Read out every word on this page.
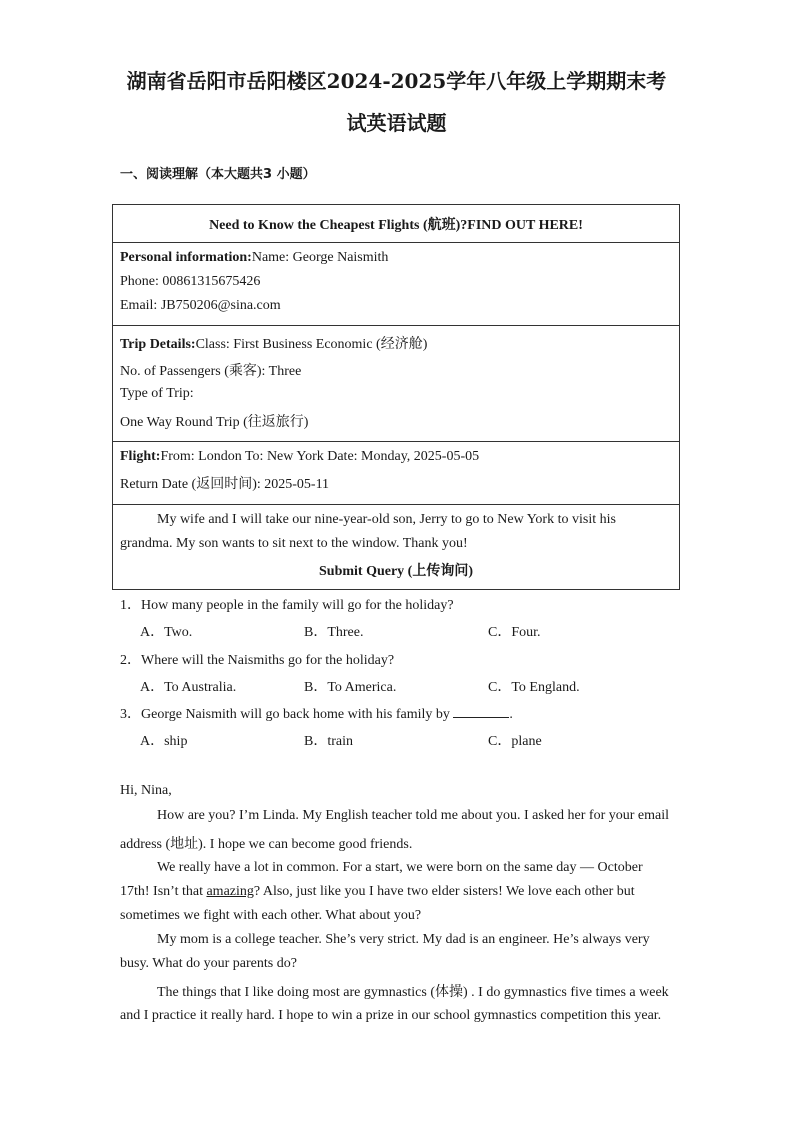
湖南省岳阳市岳阳楼区2024-2025学年八年级上学期期末考
试英语试题
一、阅读理解（本大题共3 小题）
Need to Know the Cheapest Flights (航班)?FIND OUT HERE!
Personal information:Name: George Naismith
Phone: 00861315675426
Email: JB750206@sina.com
Trip Details:Class: First Business Economic (经济舱)
No. of Passengers (乘客): Three
Type of Trip:
One Way Round Trip (往返旅行)
Flight:From: London To: New York Date: Monday, 2025-05-05
Return Date (返回时间): 2025-05-11
My wife and I will take our nine-year-old son, Jerry to go to New York to visit his
grandma. My son wants to sit next to the window. Thank you!
Submit Query (上传询问)
1．How many people in the family will go for the holiday?
A．Two.	B．Three.	C．Four.
2．Where will the Naismiths go for the holiday?
A．To Australia.	B．To America.	C．To England.
3．George Naismith will go back home with his family by	.
A．ship	B．train	C．plane
Hi, Nina,
How are you? I’m Linda. My English teacher told me about you. I asked her for your email
address (地址). I hope we can become good friends.
We really have a lot in common. For a start, we were born on the same day — October
17th! Isn’t that amazing? Also, just like you I have two elder sisters! We love each other but
sometimes we fight with each other. What about you?
My mom is a college teacher. She’s very strict. My dad is an engineer. He’s always very
busy. What do your parents do?
The things that I like doing most are gymnastics (体操) . I do gymnastics five times a week
and I practice it really hard. I hope to win a prize in our school gymnastics competition this year.
